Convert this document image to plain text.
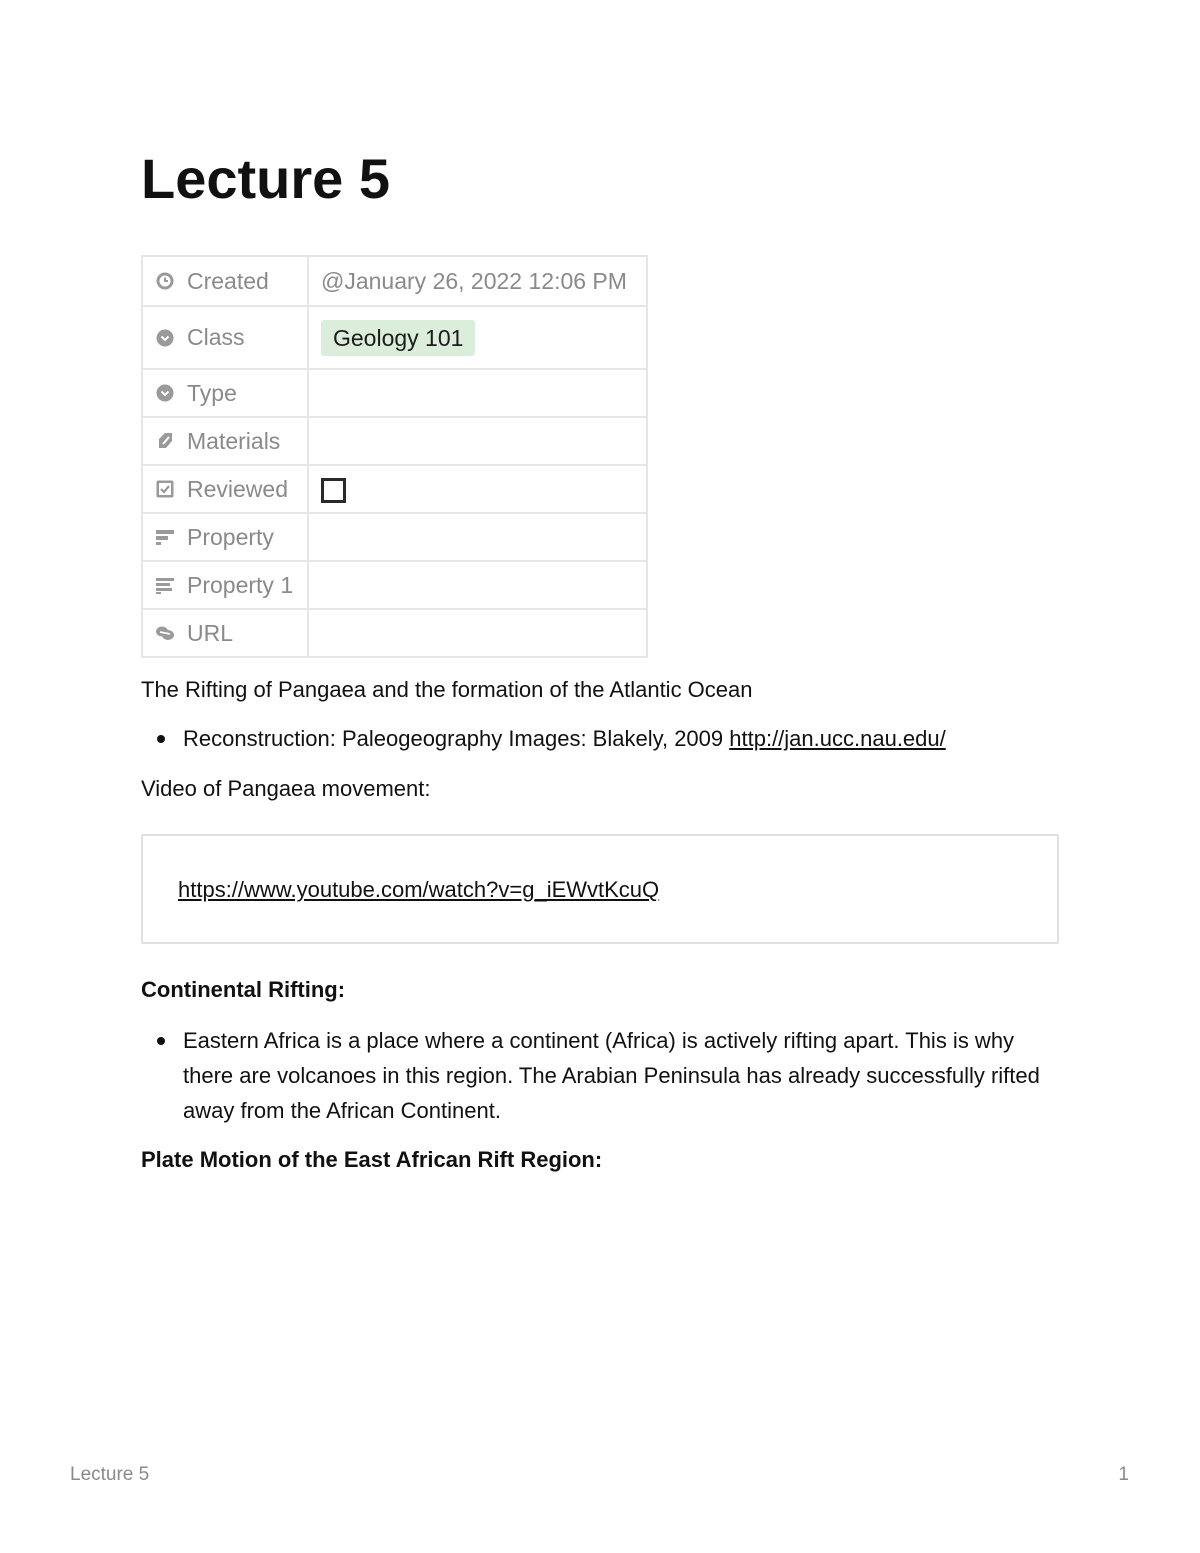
Lecture 5
Created	@January 26, 2022 12:06 PM

Class	Geology 101

Type	

Materials	

Reviewed	

Property	

Property 1	

URL	

The Rifting of Pangaea and the formation of the Atlantic Ocean

Reconstruction: Paleogeography Images: Blakely, 2009 http://jan.ucc.nau.edu/

Video of Pangaea movement:

https://www.youtube.com/watch?v=g_iEWvtKcuQ

Continental Rifting:

Eastern Africa is a place where a continent (Africa) is actively rifting apart. This is why there are volcanoes in this region. The Arabian Peninsula has already successfully rifted away from the African Continent.

Plate Motion of the East African Rift Region:

Lecture 5	1
